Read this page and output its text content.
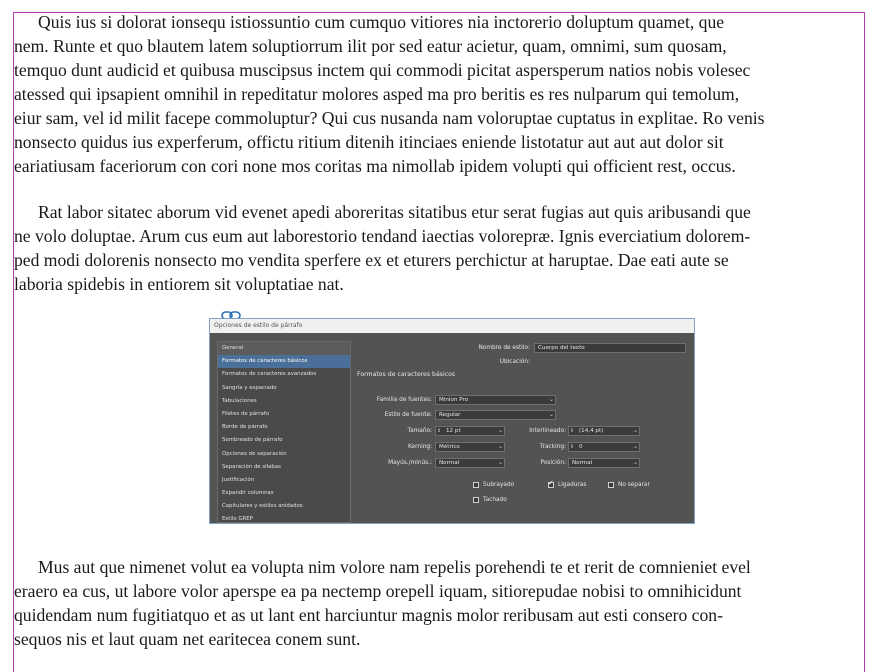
Quis ius si dolorat ionsequ istiossuntio cum cumquo vitiores nia inctorerio doluptum quamet, que
nem. Runte et quo blautem latem soluptiorrum ilit por sed eatur acietur, quam, omnimi, sum quosam,
temquo dunt audicid et quibusa muscipsus inctem qui commodi picitat aspersperum natios nobis volesec
atessed qui ipsapient omnihil in repeditatur molores asped ma pro beritis es res nulparum qui temolum,
eiur sam, vel id milit facepe commoluptur? Qui cus nusanda nam voloruptae cuptatus in explitae. Ro venis
nonsecto quidus ius experferum, offictu ritium ditenih itinciaes eniende listotatur aut aut aut dolor sit
eariatiusam faceriorum con cori none mos coritas ma nimollab ipidem volupti qui officient rest, occus.
Rat labor sitatec aborum vid evenet apedi aboreritas sitatibus etur serat fugias aut quis aribusandi que
ne volo doluptae. Arum cus eum aut laborestorio tendand iaectias volorepræ. Ignis everciatium dolorem-
ped modi dolorenis nonsecto mo vendita sperfere ex et eturers perchictur at haruptae. Dae eati aute se
laboria spidebis in entiorem sit voluptatiae nat.
Opciones de estilo de párrafo
General
Formatos de caracteres básicos
Formatos de caracteres avanzados
Sangría y espaciado
Tabulaciones
Filetes de párrafo
Borde de párrafo
Sombreado de párrafo
Opciones de separación
Separación de sílabas
Justificación
Expandir columnas
Capitulares y estilos anidados
Estilo GREP
Nombre de estilo:	Cuerpo del texto
Ubicación:
Formatos de caracteres básicos
Familia de fuentes:	Minion Pro	⌄
Estilo de fuente:	Regular	⌄
Tamaño: ⇕ 12 pt	⌄	Interlineado: ⇕ (14,4 pt)	⌄
Kerning:	Métrico	⌄	Tracking: ⇕ 0	⌄
Mayús./minús.:	Normal	⌄	Posición:	Normal	⌄
Subrayado
✓	Ligaduras	No separar
Tachado
Mus aut que nimenet volut ea volupta nim volore nam repelis porehendi te et rerit de comnieniet evel
eraero ea cus, ut labore volor aperspe ea pa nectemp orepell iquam, sitiorepudae nobisi to omnihicidunt
quidendam num fugitiatquo et as ut lant ent harciuntur magnis molor reribusam aut esti consero con-
sequos nis et laut quam net earitecea conem sunt.
